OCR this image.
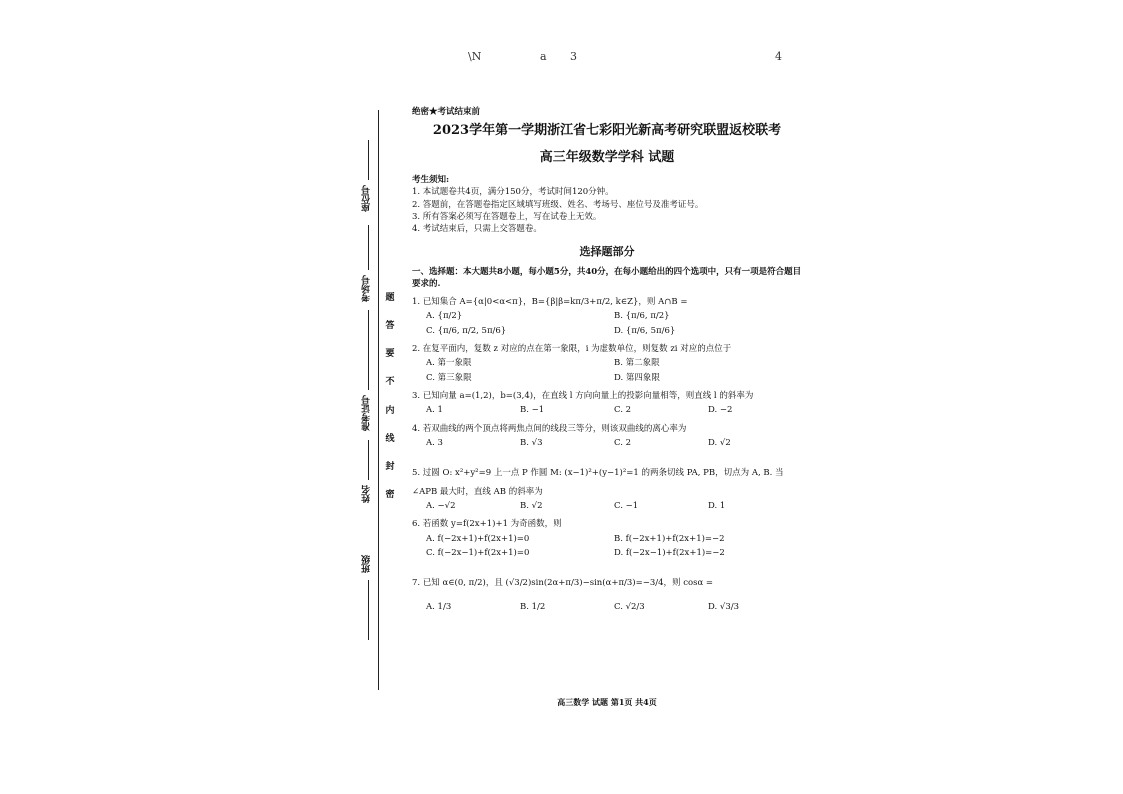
\N	a 3	4
座位号
考场号
准考证号
姓名
班级
题
答
要
不
内
线
封
密
绝密★考试结束前
2023学年第一学期浙江省七彩阳光新高考研究联盟返校联考
高三年级数学学科 试题

考生须知:

1. 本试题卷共4页，满分150分，考试时间120分钟。

2. 答题前，在答题卷指定区域填写班级、姓名、考场号、座位号及准考证号。

3. 所有答案必须写在答题卷上，写在试卷上无效。

4. 考试结束后，只需上交答题卷。

选择题部分
一、选择题：本大题共8小题，每小题5分，共40分，在每小题给出的四个选项中，只有一项是符合题目要求的.
1. 已知集合 A={α|0<α<π}，B={β|β=kπ/3+π/2, k∈Z}，则 A∩B =
A. {π/2}	B. {π/6, π/2}
C. {π/6, π/2, 5π/6}	D. {π/6, 5π/6}
2. 在复平面内，复数 z 对应的点在第一象限，i 为虚数单位，则复数 zi 对应的点位于
A. 第一象限	B. 第二象限
C. 第三象限	D. 第四象限
3. 已知向量 a=(1,2)，b=(3,4)，在直线 l 方向向量上的投影向量相等，则直线 l 的斜率为
A. 1	B. −1	C. 2	D. −2
4. 若双曲线的两个顶点将两焦点间的线段三等分，则该双曲线的离心率为
A. 3	B. √3	C. 2	D. √2
5. 过圆 O: x²+y²=9 上一点 P 作圆 M: (x−1)²+(y−1)²=1 的两条切线 PA, PB，切点为 A, B. 当
∠APB 最大时，直线 AB 的斜率为
A. −√2	B. √2	C. −1	D. 1
6. 若函数 y=f(2x+1)+1 为奇函数，则
A. f(−2x+1)+f(2x+1)=0	B. f(−2x+1)+f(2x+1)=−2
C. f(−2x−1)+f(2x+1)=0	D. f(−2x−1)+f(2x+1)=−2
7. 已知 α∈(0, π/2)，且 (√3/2)sin(2α+π/3)−sin(α+π/3)=−3/4，则 cosα =
A. 1/3	B. 1/2	C. √2/3	D. √3/3
高三数学 试题 第1页 共4页
